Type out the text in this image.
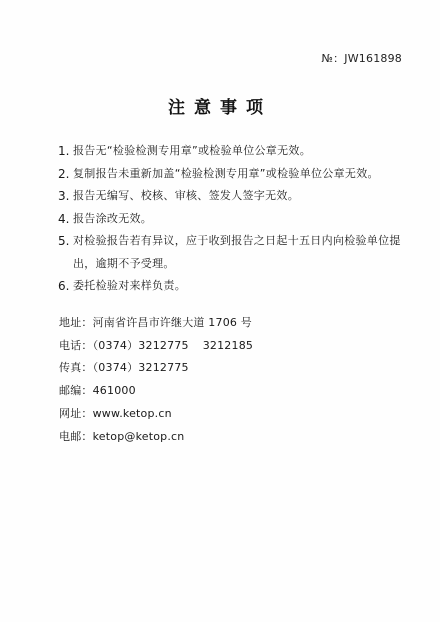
№：JW161898
注意事项
1. 报告无“检验检测专用章”或检验单位公章无效。
2. 复制报告未重新加盖“检验检测专用章”或检验单位公章无效。
3. 报告无编写、校核、审核、签发人签字无效。
4. 报告涂改无效。
5. 对检验报告若有异议，应于收到报告之日起十五日内向检验单位提出，逾期不予受理。
6. 委托检验对来样负责。
地址：河南省许昌市许继大道 1706 号
电话：（0374）3212775 3212185
传真：（0374）3212775
邮编：461000
网址：www.ketop.cn
电邮：ketop@ketop.cn
